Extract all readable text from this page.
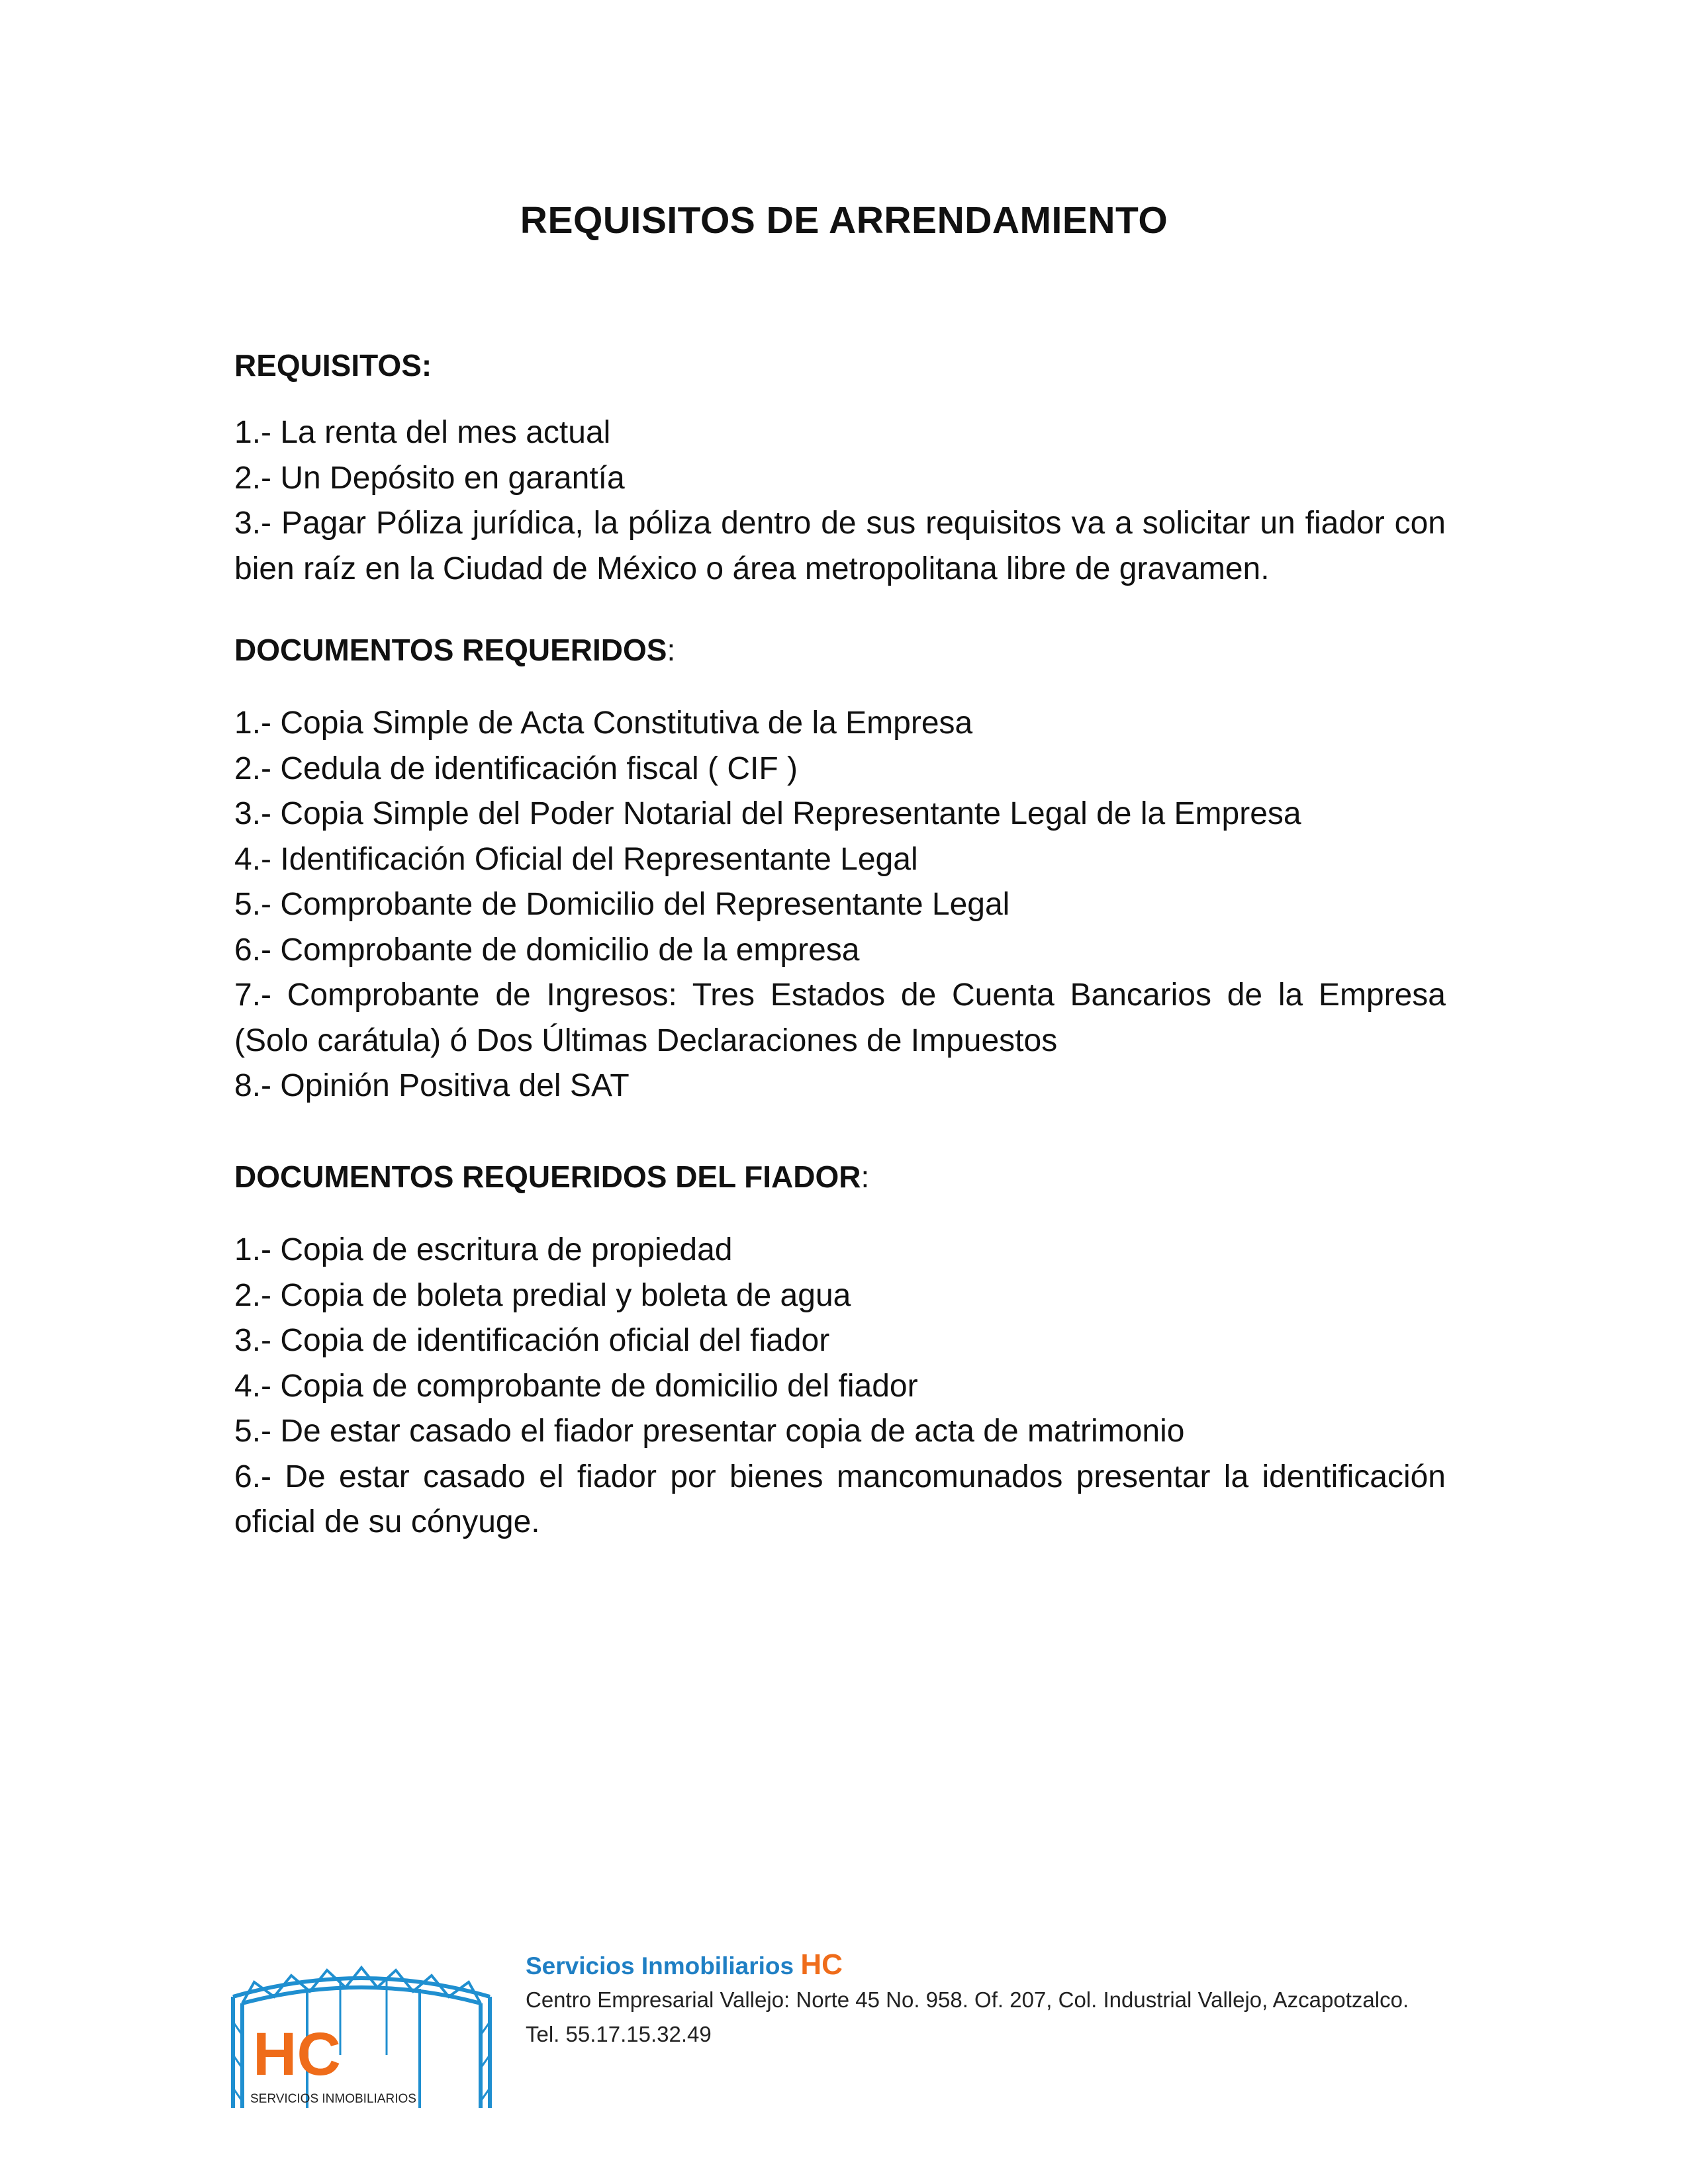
REQUISITOS DE ARRENDAMIENTO

REQUISITOS:

1.- La renta del mes actual
2.- Un Depósito en garantía
3.- Pagar Póliza jurídica, la póliza dentro de sus requisitos va a solicitar un fiador con bien raíz en la Ciudad de México o área metropolitana libre de gravamen.

DOCUMENTOS REQUERIDOS:

1.- Copia Simple de Acta Constitutiva de la Empresa
2.- Cedula de identificación fiscal ( CIF )
3.- Copia Simple del Poder Notarial del Representante Legal de la Empresa
4.- Identificación Oficial del Representante Legal
5.- Comprobante de Domicilio del Representante Legal
6.- Comprobante de domicilio de la empresa
7.- Comprobante de Ingresos: Tres Estados de Cuenta Bancarios de la Empresa (Solo carátula) ó Dos Últimas Declaraciones de Impuestos
8.- Opinión Positiva del SAT

DOCUMENTOS REQUERIDOS DEL FIADOR:

1.- Copia de escritura de propiedad
2.- Copia de boleta predial y boleta de agua
3.- Copia de identificación oficial del fiador
4.- Copia de comprobante de domicilio del fiador
5.- De estar casado el fiador presentar copia de acta de matrimonio
6.- De estar casado el fiador por bienes mancomunados presentar la identificación oficial de su cónyuge.
HC
SERVICIOS INMOBILIARIOS

Servicios Inmobiliarios HC

Centro Empresarial Vallejo: Norte 45 No. 958. Of. 207, Col. Industrial Vallejo, Azcapotzalco.

Tel. 55.17.15.32.49
